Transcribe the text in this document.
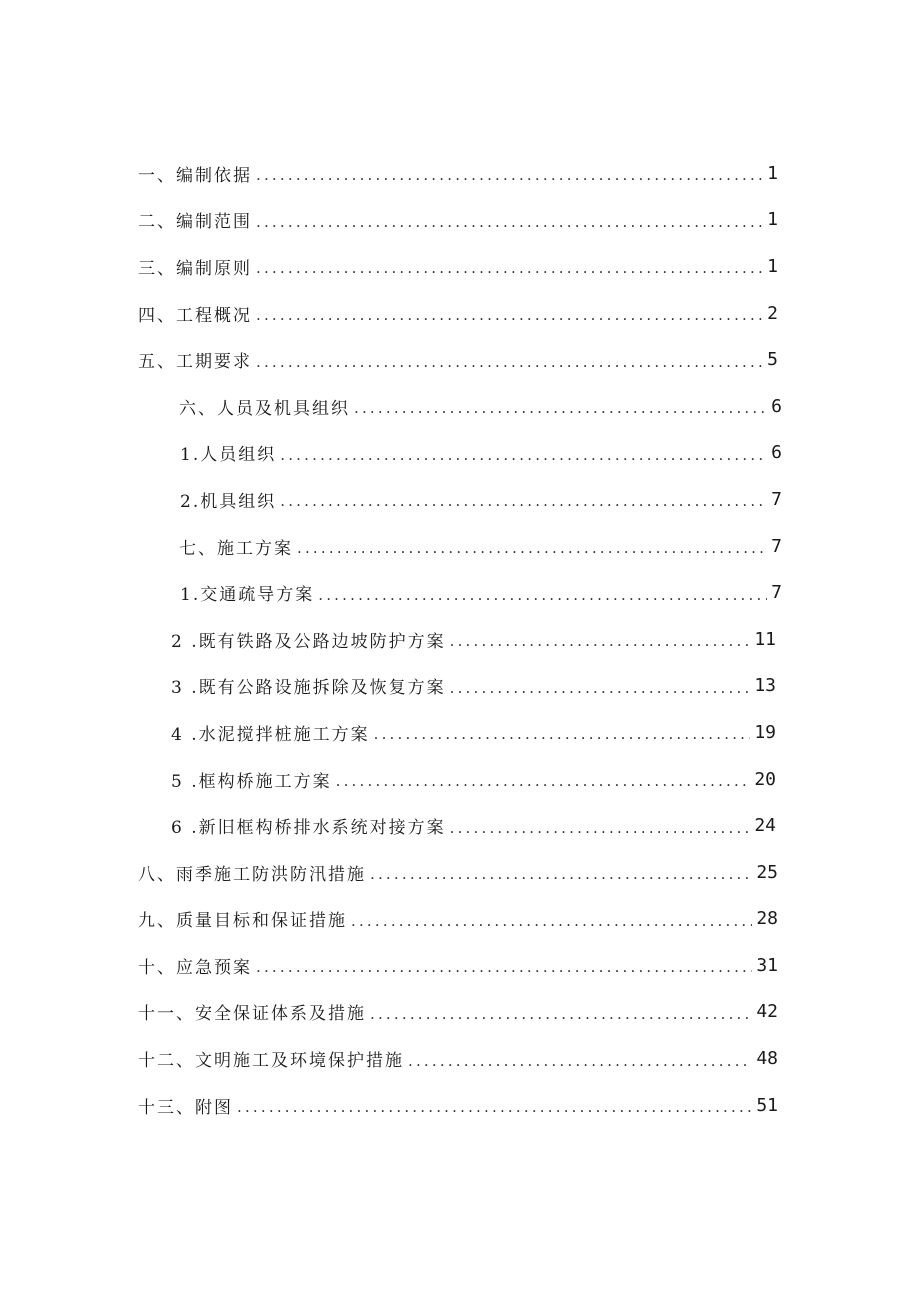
一、编制依据 .....	1
二、编制范围 .....	1
三、编制原则 .....	1
四、工程概况 .....	2
五、工期要求 .....	5
六、人员及机具组织 .....	6
1.人员组织 .....	6
2.机具组织 .....	7
七、施工方案 .....	7
1.交通疏导方案 .....	7
2 .既有铁路及公路边坡防护方案 .....	11
3 .既有公路设施拆除及恢复方案 .....	13
4 .水泥搅拌桩施工方案 .....	19
5 .框构桥施工方案 .....	20
6 .新旧框构桥排水系统对接方案 .....	24
八、雨季施工防洪防汛措施 .....	25
九、质量目标和保证措施 .....	28
十、应急预案 .....	31
十一、安全保证体系及措施 .....	42
十二、文明施工及环境保护措施 .....	48
十三、附图 .....	51
